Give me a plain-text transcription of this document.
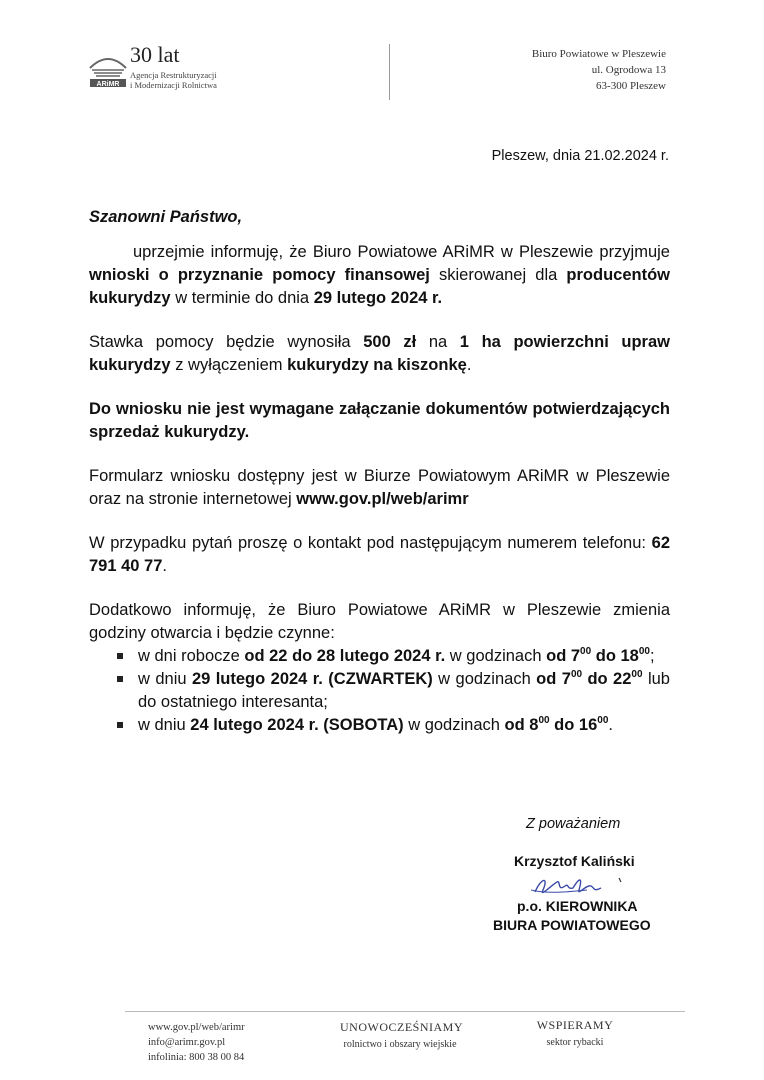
ARiMR
30 lat
Agencja Restrukturyzacji
i Modernizacji Rolnictwa
Biuro Powiatowe w Pleszewie
ul. Ogrodowa 13
63-300 Pleszew
Pleszew, dnia 21.02.2024 r.

Szanowni Państwo,

uprzejmie informuję, że Biuro Powiatowe ARiMR w Pleszewie przyjmuje wnioski o przyznanie pomocy finansowej skierowanej dla producentów kukurydzy w terminie do dnia 29 lutego 2024 r.

Stawka pomocy będzie wynosiła 500 zł na 1 ha powierzchni upraw kukurydzy z wyłączeniem kukurydzy na kiszonkę.

Do wniosku nie jest wymagane załączanie dokumentów potwierdzających sprzedaż kukurydzy.

Formularz wniosku dostępny jest w Biurze Powiatowym ARiMR w Pleszewie oraz na stronie internetowej www.gov.pl/web/arimr

W przypadku pytań proszę o kontakt pod następującym numerem telefonu: 62 791 40 77.

Dodatkowo informuję, że Biuro Powiatowe ARiMR w Pleszewie zmienia godziny otwarcia i będzie czynne:

w dni robocze od 22 do 28 lutego 2024 r. w godzinach od $7^{00}$ do $18^{00}$;
w dniu 29 lutego 2024 r. (CZWARTEK) w godzinach od $7^{00}$ do $22^{00}$ lub do ostatniego interesanta;
w dniu 24 lutego 2024 r. (SOBOTA) w godzinach od $8^{00}$ do $16^{00}$.
Z poważaniem
Krzysztof Kaliński
p.o. KIEROWNIKA
BIURA POWIATOWEGO
www.gov.pl/web/arimr
info@arimr.gov.pl
infolinia: 800 38 00 84
UNOWOCZEŚNIAMY
rolnictwo i obszary wiejskie
WSPIERAMY
sektor rybacki
